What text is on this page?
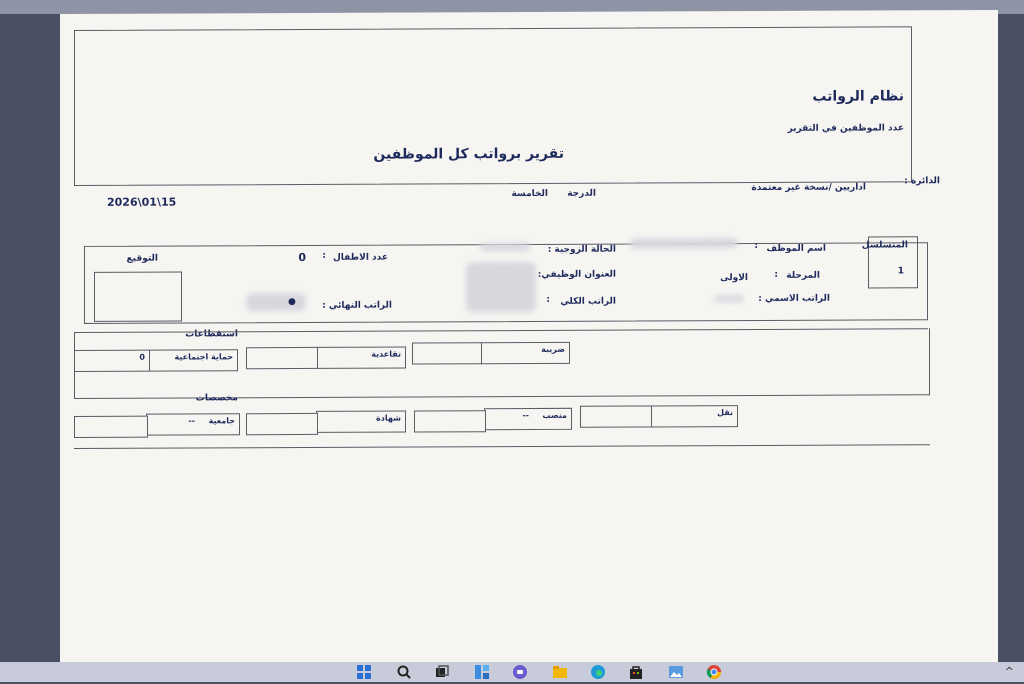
نظام الرواتب
عدد الموظفين في التقرير
تقرير برواتب كل الموظفين
الدائرة :
اداريين /نسخة غير معتمدة
الدرجة
الخامسة
2026\01\15
المتسلسل
1
اسم الموظف
:
المرحلة
:
الاولى
الراتب الاسمي :
الحالة الزوجية :
العنوان الوظيفي:
الراتب الكلي
:
عدد الاطفال
:
0
الراتب النهائي :
●
التوقيع
استقطاعات
ضريبة
تقاعدية
حماية اجتماعية
0
مخصصات
نقل
منصب
--
شهادة
جامعية
--
^
